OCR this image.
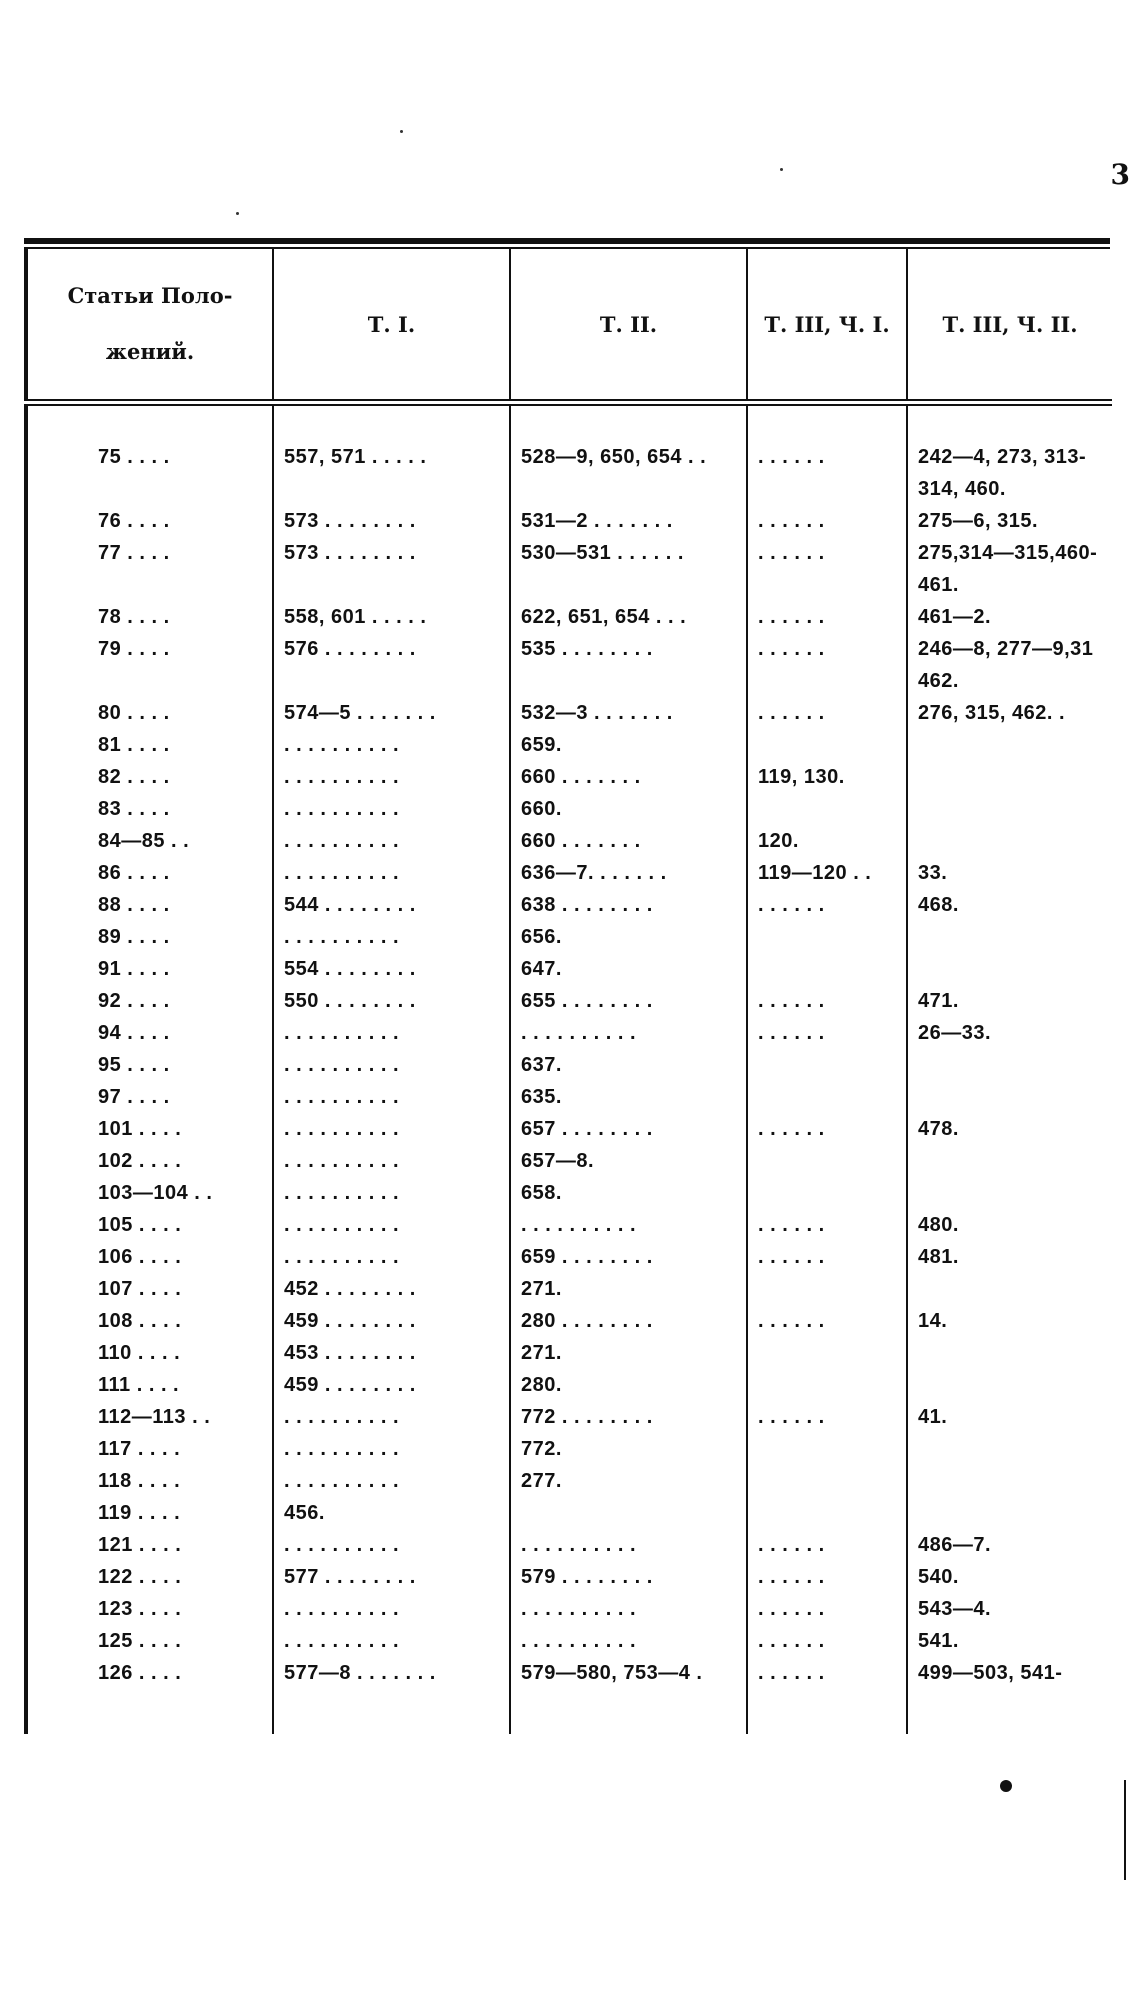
3
Статьи Поло-
жений.	Т. I.	Т. II.	Т. III, Ч. I.	Т. III, Ч. II.

75 . . . .	557, 571 . . . . .	528—9, 650, 654 . .	. . . . . .	242—4, 273, 313-
				314, 460.
76 . . . .	573 . . . . . . . .	531—2 . . . . . . .	. . . . . .	275—6, 315.
77 . . . .	573 . . . . . . . .	530—531 . . . . . .	. . . . . .	275,314—315,460-
				461.
78 . . . .	558, 601 . . . . .	622, 651, 654 . . .	. . . . . .	461—2.
79 . . . .	576 . . . . . . . .	535 . . . . . . . .	. . . . . .	246—8, 277—9,31
				462.
80 . . . .	574—5 . . . . . . .	532—3 . . . . . . .	. . . . . .	276, 315, 462. .
81 . . . .	. . . . . . . . . .	659.		
82 . . . .	. . . . . . . . . .	660 . . . . . . .	119, 130.	
83 . . . .	. . . . . . . . . .	660.		
84—85 . .	. . . . . . . . . .	660 . . . . . . .	120.	
86 . . . .	. . . . . . . . . .	636—7. . . . . . .	119—120 . .	33.
88 . . . .	544 . . . . . . . .	638 . . . . . . . .	. . . . . .	468.
89 . . . .	. . . . . . . . . .	656.		
91 . . . .	554 . . . . . . . .	647.		
92 . . . .	550 . . . . . . . .	655 . . . . . . . .	. . . . . .	471.
94 . . . .	. . . . . . . . . .	. . . . . . . . . .	. . . . . .	26—33.
95 . . . .	. . . . . . . . . .	637.		
97 . . . .	. . . . . . . . . .	635.		
101 . . . .	. . . . . . . . . .	657 . . . . . . . .	. . . . . .	478.
102 . . . .	. . . . . . . . . .	657—8.		
103—104 . .	. . . . . . . . . .	658.		
105 . . . .	. . . . . . . . . .	. . . . . . . . . .	. . . . . .	480.
106 . . . .	. . . . . . . . . .	659 . . . . . . . .	. . . . . .	481.
107 . . . .	452 . . . . . . . .	271.		
108 . . . .	459 . . . . . . . .	280 . . . . . . . .	. . . . . .	14.
110 . . . .	453 . . . . . . . .	271.		
111 . . . .	459 . . . . . . . .	280.		
112—113 . .	. . . . . . . . . .	772 . . . . . . . .	. . . . . .	41.
117 . . . .	. . . . . . . . . .	772.		
118 . . . .	. . . . . . . . . .	277.		
119 . . . .	456.			
121 . . . .	. . . . . . . . . .	. . . . . . . . . .	. . . . . .	486—7.
122 . . . .	577 . . . . . . . .	579 . . . . . . . .	. . . . . .	540.
123 . . . .	. . . . . . . . . .	. . . . . . . . . .	. . . . . .	543—4.
125 . . . .	. . . . . . . . . .	. . . . . . . . . .	. . . . . .	541.
126 . . . .	577—8 . . . . . . .	579—580, 753—4 .	. . . . . .	499—503, 541-
